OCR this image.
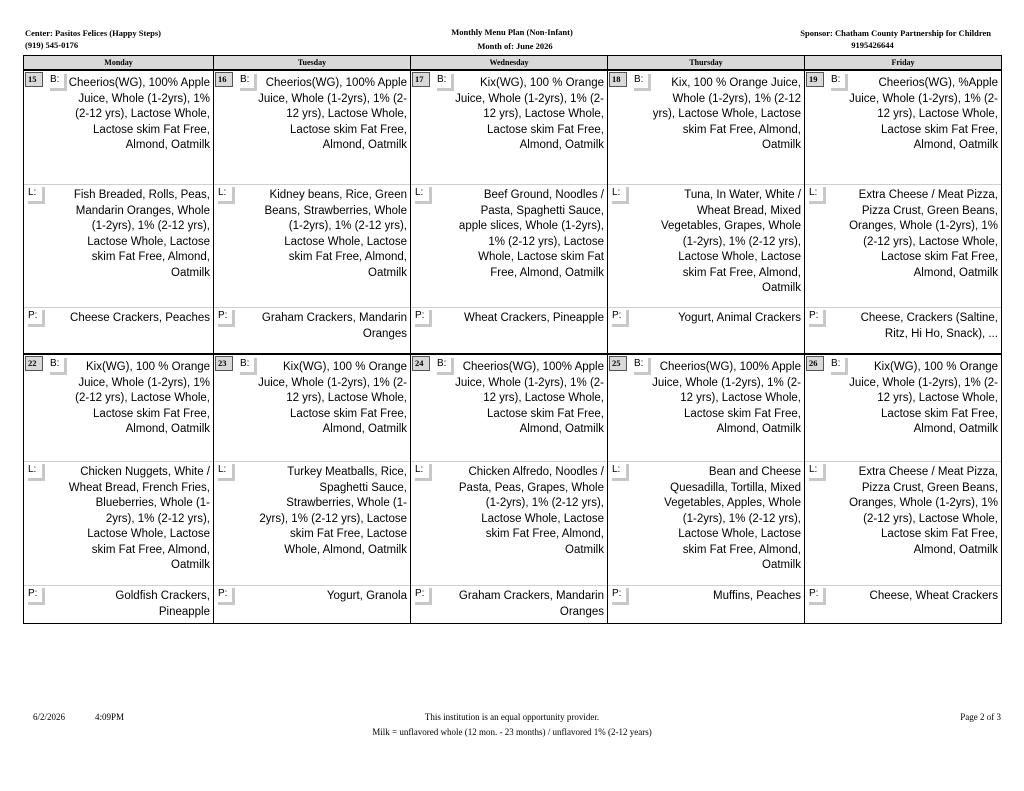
Center: Pasitos Felices (Happy Steps)
(919) 545-0176
Monthly Menu Plan (Non-Infant)
Month of: June 2026
Sponsor: Chatham County Partnership for Children
9195426644
Monday	Tuesday	Wednesday	Thursday	Friday

15 B: Cheerios(WG), 100% Apple Juice, Whole (1-2yrs), 1% (2-12 yrs), Lactose Whole, Lactose skim Fat Free, Almond, Oatmilk	16 B: Cheerios(WG), 100% Apple Juice, Whole (1-2yrs), 1% (2-12 yrs), Lactose Whole, Lactose skim Fat Free, Almond, Oatmilk	17 B: Kix(WG), 100 % Orange Juice, Whole (1-2yrs), 1% (2-12 yrs), Lactose Whole, Lactose skim Fat Free, Almond, Oatmilk	18 B: Kix, 100 % Orange Juice, Whole (1-2yrs), 1% (2-12 yrs), Lactose Whole, Lactose skim Fat Free, Almond, Oatmilk	19 B: Cheerios(WG), %Apple Juice, Whole (1-2yrs), 1% (2-12 yrs), Lactose Whole, Lactose skim Fat Free, Almond, Oatmilk

L: Fish Breaded, Rolls, Peas, Mandarin Oranges, Whole (1-2yrs), 1% (2-12 yrs), Lactose Whole, Lactose skim Fat Free, Almond, Oatmilk	L: Kidney beans, Rice, Green Beans, Strawberries, Whole (1-2yrs), 1% (2-12 yrs), Lactose Whole, Lactose skim Fat Free, Almond, Oatmilk	L: Beef Ground, Noodles / Pasta, Spaghetti Sauce, apple slices, Whole (1-2yrs), 1% (2-12 yrs), Lactose Whole, Lactose skim Fat Free, Almond, Oatmilk	L: Tuna, In Water, White / Wheat Bread, Mixed Vegetables, Grapes, Whole (1-2yrs), 1% (2-12 yrs), Lactose Whole, Lactose skim Fat Free, Almond, Oatmilk	L: Extra Cheese / Meat Pizza, Pizza Crust, Green Beans, Oranges, Whole (1-2yrs), 1% (2-12 yrs), Lactose Whole, Lactose skim Fat Free, Almond, Oatmilk

P: Cheese Crackers, Peaches	P: Graham Crackers, Mandarin Oranges	P: Wheat Crackers, Pineapple	P: Yogurt, Animal Crackers	P: Cheese, Crackers (Saltine, Ritz, Hi Ho, Snack), ...

22 B: Kix(WG), 100 % Orange Juice, Whole (1-2yrs), 1% (2-12 yrs), Lactose Whole, Lactose skim Fat Free, Almond, Oatmilk	23 B: Kix(WG), 100 % Orange Juice, Whole (1-2yrs), 1% (2-12 yrs), Lactose Whole, Lactose skim Fat Free, Almond, Oatmilk	24 B: Cheerios(WG), 100% Apple Juice, Whole (1-2yrs), 1% (2-12 yrs), Lactose Whole, Lactose skim Fat Free, Almond, Oatmilk	25 B: Cheerios(WG), 100% Apple Juice, Whole (1-2yrs), 1% (2-12 yrs), Lactose Whole, Lactose skim Fat Free, Almond, Oatmilk	26 B: Kix(WG), 100 % Orange Juice, Whole (1-2yrs), 1% (2-12 yrs), Lactose Whole, Lactose skim Fat Free, Almond, Oatmilk

L: Chicken Nuggets, White / Wheat Bread, French Fries, Blueberries, Whole (1-2yrs), 1% (2-12 yrs), Lactose Whole, Lactose skim Fat Free, Almond, Oatmilk	L: Turkey Meatballs, Rice, Spaghetti Sauce, Strawberries, Whole (1-2yrs), 1% (2-12 yrs), Lactose skim Fat Free, Lactose Whole, Almond, Oatmilk	L: Chicken Alfredo, Noodles / Pasta, Peas, Grapes, Whole (1-2yrs), 1% (2-12 yrs), Lactose Whole, Lactose skim Fat Free, Almond, Oatmilk	L: Bean and Cheese Quesadilla, Tortilla, Mixed Vegetables, Apples, Whole (1-2yrs), 1% (2-12 yrs), Lactose Whole, Lactose skim Fat Free, Almond, Oatmilk	L: Extra Cheese / Meat Pizza, Pizza Crust, Green Beans, Oranges, Whole (1-2yrs), 1% (2-12 yrs), Lactose Whole, Lactose skim Fat Free, Almond, Oatmilk

P: Goldfish Crackers, Pineapple	P: Yogurt, Granola	P: Graham Crackers, Mandarin Oranges	P: Muffins, Peaches	P: Cheese, Wheat Crackers
6/2/2026	4:09PM	This institution is an equal opportunity provider.
Milk = unflavored whole (12 mon. - 23 months) / unflavored 1% (2-12 years)
Page 2 of 3
